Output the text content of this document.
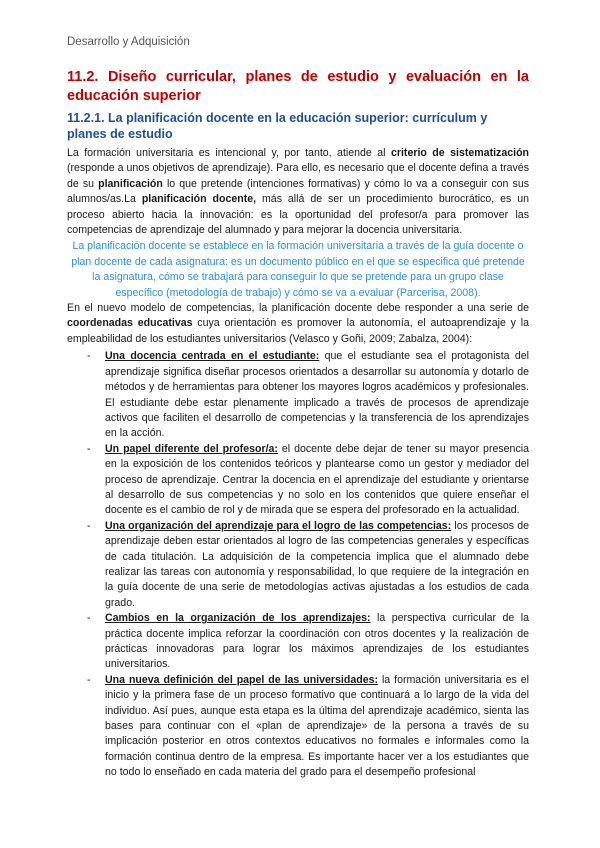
Desarrollo y Adquisición
11.2. Diseño curricular, planes de estudio y evaluación en la educación superior
11.2.1. La planificación docente en la educación superior: currículum y planes de estudio

La formación universitaria es intencional y, por tanto, atiende al criterio de sistematización (responde a unos objetivos de aprendizaje). Para ello, es necesario que el docente defina a través de su planificación lo que pretende (intenciones formativas) y cómo lo va a conseguir con sus alumnos/as.La planificación docente, más allá de ser un procedimiento burocrático, es un proceso abierto hacia la innovación: es la oportunidad del profesor/a para promover las competencias de aprendizaje del alumnado y para mejorar la docencia universitaria.

La planificación docente se establece en la formación universitaria a través de la guía docente o plan docente de cada asignatura: es un documento público en el que se especifica qué pretende la asignatura, cómo se trabajará para conseguir lo que se pretende para un grupo clase específico (metodología de trabajo) y cómo se va a evaluar (Parcerisa, 2008).

En el nuevo modelo de competencias, la planificación docente debe responder a una serie de coordenadas educativas cuya orientación es promover la autonomía, el autoaprendizaje y la empleabilidad de los estudiantes universitarios (Velasco y Goñi, 2009; Zabalza, 2004):

- Una docencia centrada en el estudiante: que el estudiante sea el protagonista del aprendizaje significa diseñar procesos orientados a desarrollar su autonomía y dotarlo de métodos y de herramientas para obtener los mayores logros académicos y profesionales. El estudiante debe estar plenamente implicado a través de procesos de aprendizaje activos que faciliten el desarrollo de competencias y la transferencia de los aprendizajes en la acción.
- Un papel diferente del profesor/a: el docente debe dejar de tener su mayor presencia en la exposición de los contenidos teóricos y plantearse como un gestor y mediador del proceso de aprendizaje. Centrar la docencia en el aprendizaje del estudiante y orientarse al desarrollo de sus competencias y no solo en los contenidos que quiere enseñar el docente es el cambio de rol y de mirada que se espera del profesorado en la actualidad.
- Una organización del aprendizaje para el logro de las competencias: los procesos de aprendizaje deben estar orientados al logro de las competencias generales y específicas de cada titulación. La adquisición de la competencia implica que el alumnado debe realizar las tareas con autonomía y responsabilidad, lo que requiere de la integración en la guía docente de una serie de metodologías activas ajustadas a los estudios de cada grado.
- Cambios en la organización de los aprendizajes: la perspectiva curricular de la práctica docente implica reforzar la coordinación con otros docentes y la realización de prácticas innovadoras para lograr los máximos aprendizajes de los estudiantes universitarios.
- Una nueva definición del papel de las universidades: la formación universitaria es el inicio y la primera fase de un proceso formativo que continuará a lo largo de la vida del individuo. Así pues, aunque esta etapa es la última del aprendizaje académico, sienta las bases para continuar con el «plan de aprendizaje» de la persona a través de su implicación posterior en otros contextos educativos no formales e informales como la formación continua dentro de la empresa. Es importante hacer ver a los estudiantes que no todo lo enseñado en cada materia del grado para el desempeño profesional
